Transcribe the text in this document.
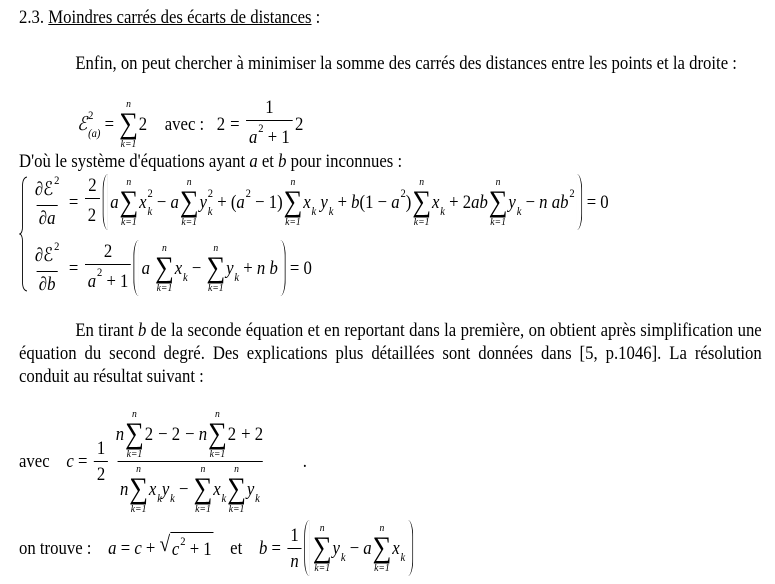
2.3. Moindres carrés des écarts de distances :
Enfin, on peut chercher à minimiser la somme des carrés des distances entre les points et la droite :
ℰ 2
(a) =
n
∑
k=1
2 avec : $2 = \frac{1}{a 2 + 1} 2$
D'où le système d'équations ayant a et b pour inconnues :
$\frac{\text{∂ ℰ 2}}{\partial a} = \frac{2}{2}$ a
n
∑
k=1
x 2
k − a
n
∑
k=1
y 2
k + ( a 2 − 1)
n
∑
k=1
x k y k + b (1 − a 2 )
n
∑
k=1
x k + 2 ab
n
∑
k=1
y k − n a b 2 = 0
$\frac{\text{∂ ℰ 2}}{\partial b} = \frac{2}{a 2 + 1}$ a
n
∑
k=1
x k −
n
∑
k=1
y k + n b = 0
En tirant b de la seconde équation et en reportant dans la première, on obtient après simplification une équation du second degré. Des explications plus détaillées sont données dans [5, p.1046]. La résolution conduit au résultat suivant :
avec $c = \frac{1}{2}$ n
n
∑
k=1
2 − 2 − n
n
∑
k=1
2 + 2
n
n
∑
k=1
x k y k −
n
∑
k=1
x k
n
∑
k=1
y k .
on trouve : a = c + √ c 2 + 1 et $b = \frac{1}{n}$ n
∑
k=1
y k − a
n
∑
k=1
x k
